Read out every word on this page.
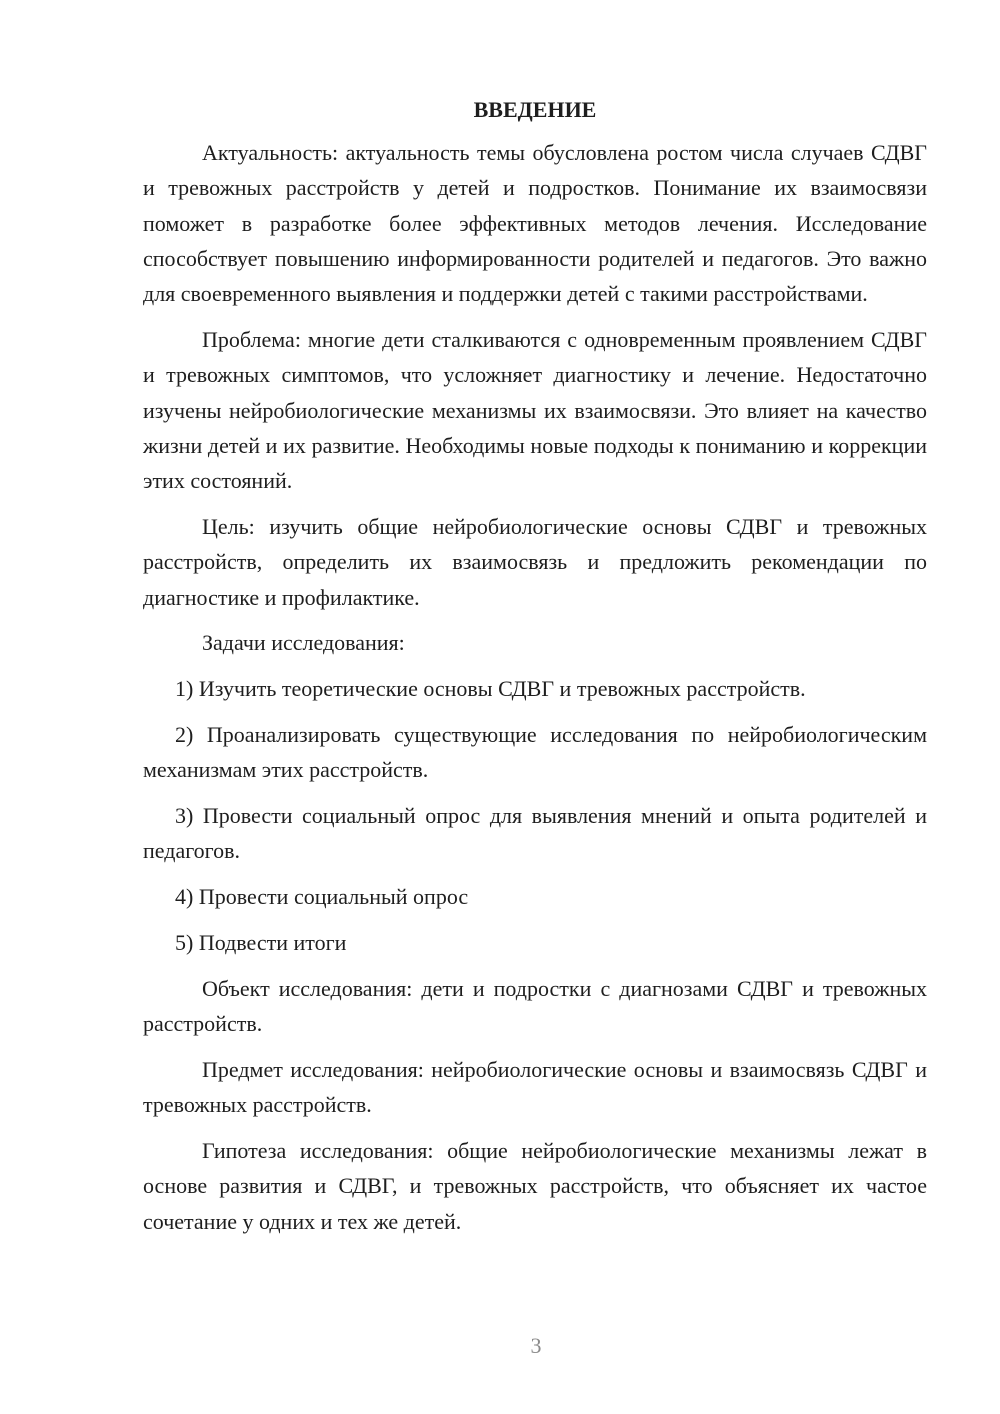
ВВЕДЕНИЕ

Актуальность: актуальность темы обусловлена ростом числа случаев СДВГ и тревожных расстройств у детей и подростков. Понимание их взаимосвязи поможет в разработке более эффективных методов лечения. Исследование способствует повышению информированности родителей и педагогов. Это важно для своевременного выявления и поддержки детей с такими расстройствами.

Проблема: многие дети сталкиваются с одновременным проявлением СДВГ и тревожных симптомов, что усложняет диагностику и лечение. Недостаточно изучены нейробиологические механизмы их взаимосвязи. Это влияет на качество жизни детей и их развитие. Необходимы новые подходы к пониманию и коррекции этих состояний.

Цель: изучить общие нейробиологические основы СДВГ и тревожных расстройств, определить их взаимосвязь и предложить рекомендации по диагностике и профилактике.

Задачи исследования:

1) Изучить теоретические основы СДВГ и тревожных расстройств.

2) Проанализировать существующие исследования по нейробиологическим механизмам этих расстройств.

3) Провести социальный опрос для выявления мнений и опыта родителей и педагогов.

4) Провести социальный опрос

5) Подвести итоги

Объект исследования: дети и подростки с диагнозами СДВГ и тревожных расстройств.

Предмет исследования: нейробиологические основы и взаимосвязь СДВГ и тревожных расстройств.

Гипотеза исследования: общие нейробиологические механизмы лежат в основе развития и СДВГ, и тревожных расстройств, что объясняет их частое сочетание у одних и тех же детей.

3
